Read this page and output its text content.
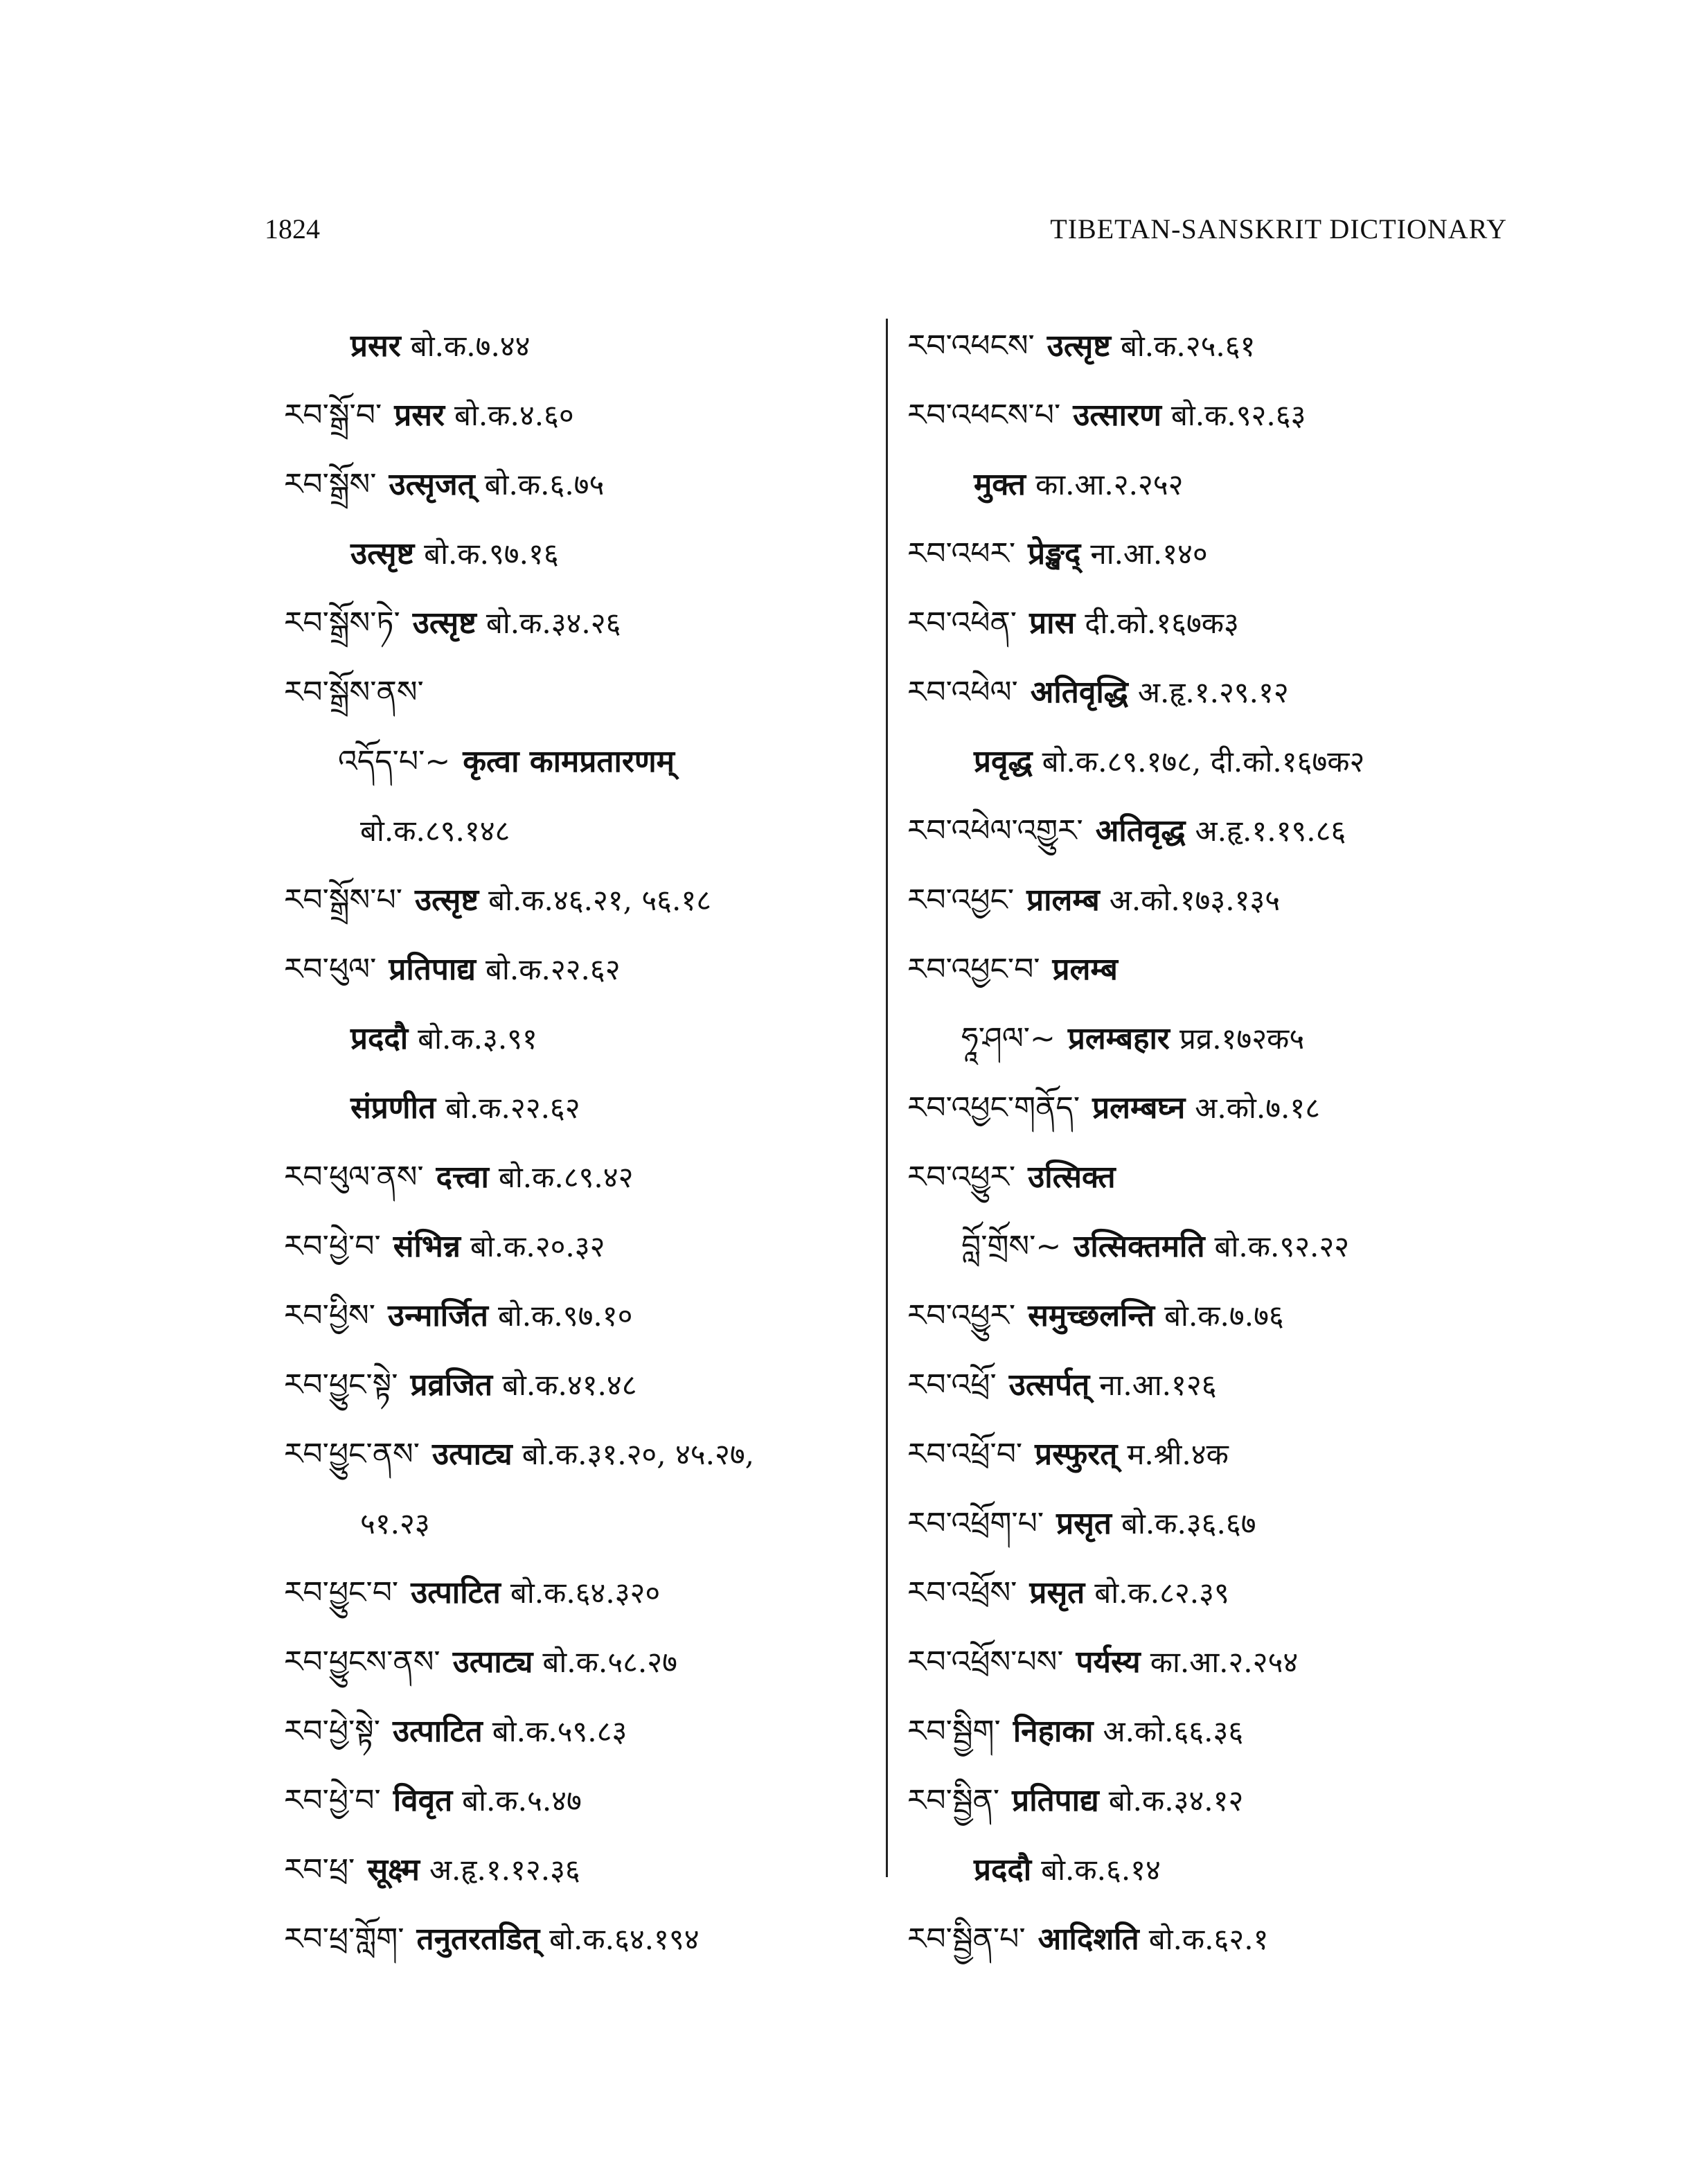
1824	TIBETAN-SANSKRIT DICTIONARY
प्रसर बो.क.७.४४
རབ་སྒྲོ་བ་ प्रसर बो.क.४.६०
རབ་སྒྲོས་ उत्सृजत् बो.क.६.७५
उत्सृष्ट बो.क.९७.१६
རབ་སྒྲོས་ཏེ་ उत्सृष्ट बो.क.३४.२६
རབ་སྒྲོས་ནས་
འདོད་པ་~ कृत्वा कामप्रतारणम्
बो.क.८९.१४८
རབ་སྒྲོས་པ་ उत्सृष्ट बो.क.४६.२१, ५६.१८
རབ་ཕུལ་ प्रतिपाद्य बो.क.२२.६२
प्रददौ बो.क.३.९१
संप्रणीत बो.क.२२.६२
རབ་ཕུལ་ནས་ दत्त्वा बो.क.८९.४२
རབ་ཕྱེ་བ་ संभिन्न बो.क.२०.३२
རབ་ཕྱིས་ उन्मार्जित बो.क.९७.१०
རབ་ཕྱུང་སྟེ་ प्रव्रजित बो.क.४१.४८
རབ་ཕྱུང་ནས་ उत्पाट्य बो.क.३१.२०, ४५.२७,
५१.२३
རབ་ཕྱུང་བ་ उत्पाटित बो.क.६४.३२०
རབ་ཕྱུངས་ནས་ उत्पाट्य बो.क.५८.२७
རབ་ཕྱེ་སྟེ་ उत्पाटित बो.क.५९.८३
རབ་ཕྱེ་བ་ विवृत बो.क.५.४७
རབ་ཕྲ་ सूक्ष्म अ.हृ.१.१२.३६
རབ་ཕྲ་གློག་ तनुतरतडित् बो.क.६४.१९४
རབ་འཕངས་ उत्सृष्ट बो.क.२५.६१
རབ་འཕངས་པ་ उत्सारण बो.क.९२.६३
मुक्त का.आ.२.२५२
རབ་འཕར་ प्रेङ्खद् ना.आ.१४०
རབ་འཕེན་ प्रास दी.को.१६७क३
རབ་འཕེལ་ अतिवृद्धि अ.हृ.१.२९.१२
प्रवृद्ध बो.क.८९.१७८, दी.को.१६७क२
རབ་འཕེལ་འགྱུར་ अतिवृद्ध अ.हृ.१.१९.८६
རབ་འཕྱང་ प्रालम्ब अ.को.१७३.१३५
རབ་འཕྱང་བ་ प्रलम्ब
ཧཱ་ཤལ་~ प्रलम्बहार प्रव्र.१७२क५
རབ་འཕྱང་གནོད་ प्रलम्बघ्न अ.को.७.१८
རབ་འཕྱུར་ उत्सिक्त
བློ་གྲོས་~ उत्सिक्तमति बो.क.९२.२२
རབ་འཕྱུར་ समुच्छलन्ति बो.क.७.७६
རབ་འཕྲོ་ उत्सर्पत् ना.आ.१२६
རབ་འཕྲོ་བ་ प्रस्फुरत् म.श्री.४क
རབ་འཕྲོག་པ་ प्रसृत बो.क.३६.६७
རབ་འཕྲོས་ प्रसृत बो.क.८२.३९
རབ་འཕྲོས་པས་ पर्यस्य का.आ.२.२५४
རབ་སྦྱིག་ निहाका अ.को.६६.३६
རབ་སྦྱིན་ प्रतिपाद्य बो.क.३४.१२
प्रददौ बो.क.६.१४
རབ་སྦྱིན་པ་ आदिशति बो.क.६२.१
